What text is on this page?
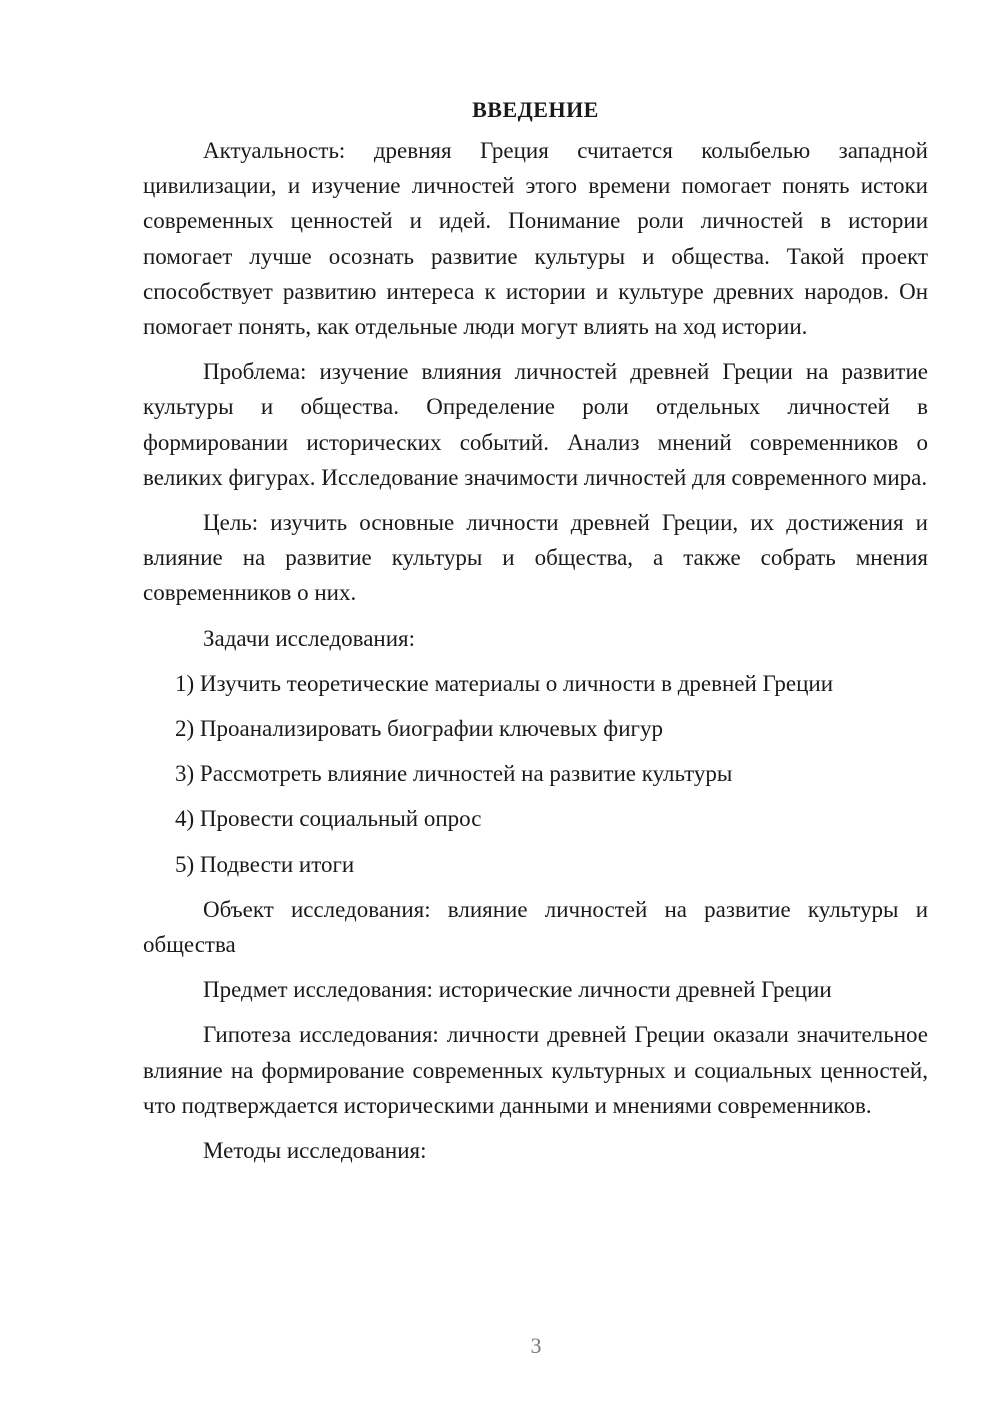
ВВЕДЕНИЕ

Актуальность: древняя Греция считается колыбелью западной цивилизации, и изучение личностей этого времени помогает понять истоки современных ценностей и идей. Понимание роли личностей в истории помогает лучше осознать развитие культуры и общества. Такой проект способствует развитию интереса к истории и культуре древних народов. Он помогает понять, как отдельные люди могут влиять на ход истории.

Проблема: изучение влияния личностей древней Греции на развитие культуры и общества. Определение роли отдельных личностей в формировании исторических событий. Анализ мнений современников о великих фигурах. Исследование значимости личностей для современного мира.

Цель: изучить основные личности древней Греции, их достижения и влияние на развитие культуры и общества, а также собрать мнения современников о них.

Задачи исследования:

1) Изучить теоретические материалы о личности в древней Греции
2) Проанализировать биографии ключевых фигур
3) Рассмотреть влияние личностей на развитие культуры
4) Провести социальный опрос
5) Подвести итоги

Объект исследования: влияние личностей на развитие культуры и общества

Предмет исследования: исторические личности древней Греции

Гипотеза исследования: личности древней Греции оказали значительное влияние на формирование современных культурных и социальных ценностей, что подтверждается историческими данными и мнениями современников.

Методы исследования:

3
